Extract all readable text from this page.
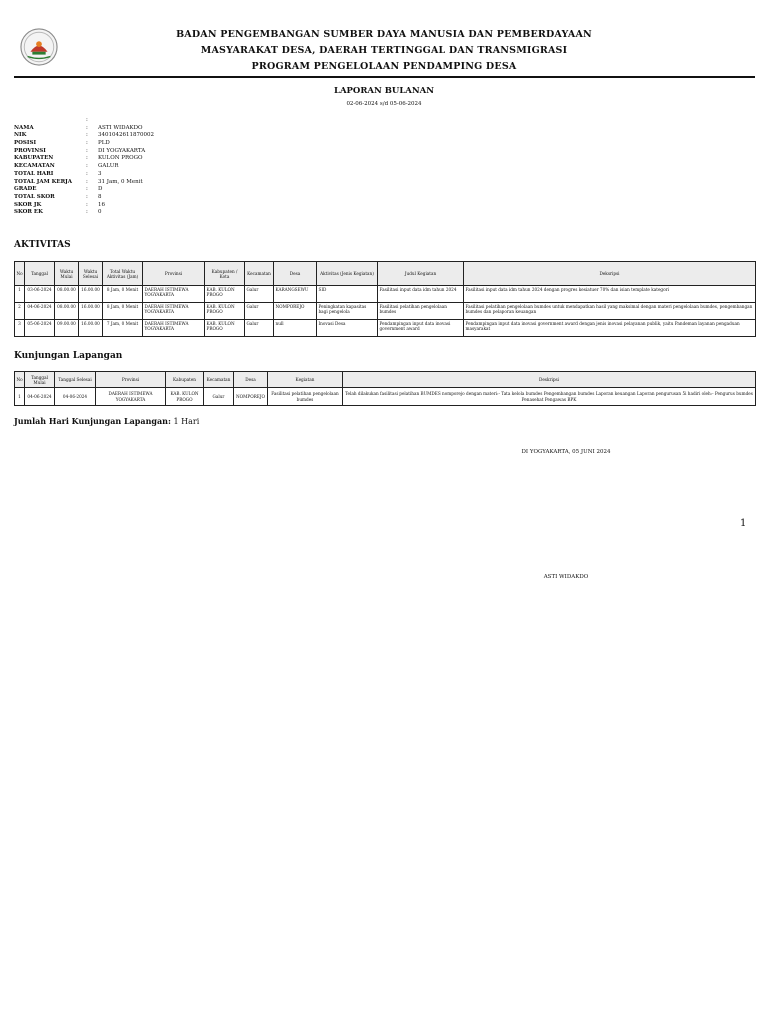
BADAN PENGEMBANGAN SUMBER DAYA MANUSIA DAN PEMBERDAYAAN
MASYARAKAT DESA, DAERAH TERTINGGAL DAN TRANSMIGRASI
PROGRAM PENGELOLAAN PENDAMPING DESA
LAPORAN BULANAN
02-06-2024 s/d 05-06-2024
:
NAMA	: ASTI WIDAKDO
NIK	: 3401042611870002
POSISI	: PLD
PROVINSI	: DI YOGYAKARTA
KABUPATEN	: KULON PROGO
KECAMATAN	: GALUR
TOTAL HARI	: 3
TOTAL JAM KERJA	: 31 Jam, 0 Menit
GRADE	: D
TOTAL SKOR	: 8
SKOR JK	: 16
SKOR EK	: 0
AKTIVITAS
No	Tanggal	Waktu Mulai	Waktu Selesai	Total Waktu Aktivitas (Jam)	Provinsi	Kabupaten / Kota	Kecamatan	Desa	Aktivitas (Jenis Kegiatan)	Judul Kegiatan	Deksripsi
1	03-06-2024	08.00.00	16.00.00	8 Jam, 0 Menit	DAERAH ISTIMEWA YOGYAKARTA	KAB. KULON PROGO	Galur	KARANGSEWU	SID	Fasilitasi input data idm tahun 2024	Fasilitasi input data idm tahun 2024 dengan progres kesiatuer 70% dan isian template kategori
2	04-06-2024	08.00.00	16.00.00	8 Jam, 0 Menit	DAERAH ISTIMEWA YOGYAKARTA	KAB. KULON PROGO	Galur	NOMPOREJO	Peningkatan kapasitas bagi pengelola	Fasilitasi pelatihan pengelolaan bumdes	Fasilitasi pelatihan pengelolaan bumdes untuk mendapatkan hasil yang maksimal dengan materi pengelolaan bumdes, pengembangan bumdes dan pelaporan keuangan
3	05-06-2024	09.00.00	16.00.00	7 Jam, 0 Menit	DAERAH ISTIMEWA YOGYAKARTA	KAB. KULON PROGO	Galur	null	Inovasi Desa	Pendampingan input data inovasi government award	Pendampingan input data inovasi government award dengan jenis inovasi pelayanan publik, yaitu Pandeman layanan pengaduan masyarakat
Kunjungan Lapangan
No	Tanggal Mulai	Tanggal Selesai	Provinsi	Kabupaten	Kecamatan	Desa	Kegiatan	Deskripsi
1	04-06-2024	04-06-2024	DAERAH ISTIMEWA YOGYAKARTA	KAB. KULON PROGO	Galur	NOMPOREJO	Fasilitasi pelatihan pengelolaan bumdes	Telah dilakukan fasilitasi pelatihan BUMDES nomporejo dengan materi:- Tata kelola bumdes Pengembangan bumdes Laporan keuangan Laporan pengurusan 5i hadiri oleh:- Pengurus bumdes Penasehat Pengawas BPK
Jumlah Hari Kunjungan Lapangan: 1 Hari
DI YOGYAKARTA, 05 JUNI 2024
1
ASTI WIDAKDO
